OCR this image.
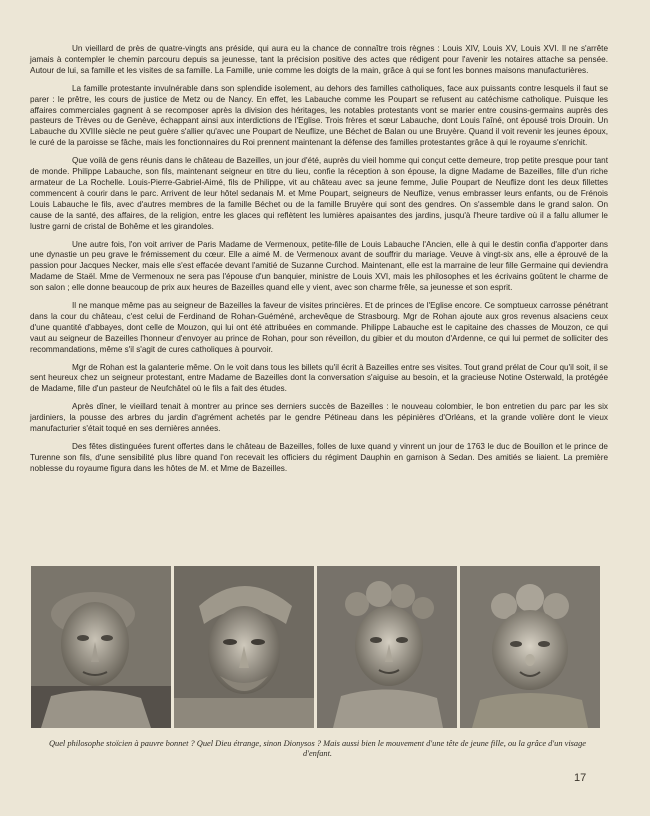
Un vieillard de près de quatre-vingts ans préside, qui aura eu la chance de connaître trois règnes : Louis XIV, Louis XV, Louis XVI. Il ne s'arrête jamais à contempler le chemin parcouru depuis sa jeunesse, tant la précision positive des actes que rédigent pour l'avenir les notaires attache sa pensée. Autour de lui, sa famille et les visites de sa famille. La Famille, unie comme les doigts de la main, grâce à qui se font les bonnes maisons manufacturières.

La famille protestante invulnérable dans son splendide isolement, au dehors des familles catholiques, face aux puissants contre lesquels il faut se parer : le prêtre, les cours de justice de Metz ou de Nancy. En effet, les Labauche comme les Poupart se refusent au catéchisme catholique. Puisque les affaires commerciales gagnent à se recomposer après la division des héritages, les notables protestants vont se marier entre cousins-germains auprès des pasteurs de Trèves ou de Genève, échappant ainsi aux interdictions de l'Eglise. Trois frères et sœur Labauche, dont Louis l'aîné, ont épousé trois Drouin. Un Labauche du XVIIIe siècle ne peut guère s'allier qu'avec une Poupart de Neuflize, une Béchet de Balan ou une Bruyère. Quand il voit revenir les jeunes époux, le curé de la paroisse se fâche, mais les fonctionnaires du Roi prennent maintenant la défense des familles protestantes grâce à qui le royaume s'enrichit.

Que voilà de gens réunis dans le château de Bazeilles, un jour d'été, auprès du vieil homme qui conçut cette demeure, trop petite presque pour tant de monde. Philippe Labauche, son fils, maintenant seigneur en titre du lieu, confie la réception à son épouse, la digne Madame de Bazeilles, fille d'un riche armateur de La Rochelle. Louis-Pierre-Gabriel-Aimé, fils de Philippe, vit au château avec sa jeune femme, Julie Poupart de Neuflize dont les deux fillettes commencent à courir dans le parc. Arrivent de leur hôtel sedanais M. et Mme Poupart, seigneurs de Neuflize, venus embrasser leurs enfants, ou de Frénois Louis Labauche le fils, avec d'autres membres de la famille Béchet ou de la famille Bruyère qui sont des gendres. On s'assemble dans le grand salon. On cause de la santé, des affaires, de la religion, entre les glaces qui reflètent les lumières apaisantes des jardins, jusqu'à l'heure tardive où il a fallu allumer le lustre garni de cristal de Bohême et les girandoles.

Une autre fois, l'on voit arriver de Paris Madame de Vermenoux, petite-fille de Louis Labauche l'Ancien, elle à qui le destin confia d'apporter dans une dynastie un peu grave le frémissement du cœur. Elle a aimé M. de Vermenoux avant de souffrir du mariage. Veuve à vingt-six ans, elle a éprouvé de la passion pour Jacques Necker, mais elle s'est effacée devant l'amitié de Suzanne Curchod. Maintenant, elle est la marraine de leur fille Germaine qui deviendra Madame de Staël. Mme de Vermenoux ne sera pas l'épouse d'un banquier, ministre de Louis XVI, mais les philosophes et les écrivains goûtent le charme de son salon ; elle donne beaucoup de prix aux heures de Bazeilles quand elle y vient, avec son charme frêle, sa jeunesse et son esprit.

Il ne manque même pas au seigneur de Bazeilles la faveur de visites princières. Et de princes de l'Eglise encore. Ce somptueux carrosse pénétrant dans la cour du château, c'est celui de Ferdinand de Rohan-Guéméné, archevêque de Strasbourg. Mgr de Rohan ajoute aux gros revenus alsaciens ceux d'une quantité d'abbayes, dont celle de Mouzon, qui lui ont été attribuées en commande. Philippe Labauche est le capitaine des chasses de Mouzon, ce qui vaut au seigneur de Bazeilles l'honneur d'envoyer au prince de Rohan, pour son réveillon, du gibier et du mouton d'Ardenne, ce qui lui permet de solliciter des recommandations, même s'il s'agit de cures catholiques à pourvoir.

Mgr de Rohan est la galanterie même. On le voit dans tous les billets qu'il écrit à Bazeilles entre ses visites. Tout grand prélat de Cour qu'il soit, il se sent heureux chez un seigneur protestant, entre Madame de Bazeilles dont la conversation s'aiguise au besoin, et la gracieuse Notine Osterwald, la protégée de Madame, fille d'un pasteur de Neufchâtel où le fils a fait des études.

Après dîner, le vieillard tenait à montrer au prince ses derniers succès de Bazeilles : le nouveau colombier, le bon entretien du parc par les six jardiniers, la pousse des arbres du jardin d'agrément achetés par le gendre Pétineau dans les pépinières d'Orléans, et la grande volière dont le vieux manufacturier s'était toqué en ses dernières années.

Des fêtes distinguées furent offertes dans le château de Bazeilles, folles de luxe quand y vinrent un jour de 1763 le duc de Bouillon et le prince de Turenne son fils, d'une sensibilité plus libre quand l'on recevait les officiers du régiment Dauphin en garnison à Sedan. Des amitiés se liaient. La première noblesse du royaume figura dans les hôtes de M. et Mme de Bazeilles.

Quel philosophe stoïcien à pauvre bonnet ? Quel Dieu étrange, sinon Dionysos ? Mais aussi bien le mouvement d'une tête de jeune fille, ou la grâce d'un visage d'enfant.
17
